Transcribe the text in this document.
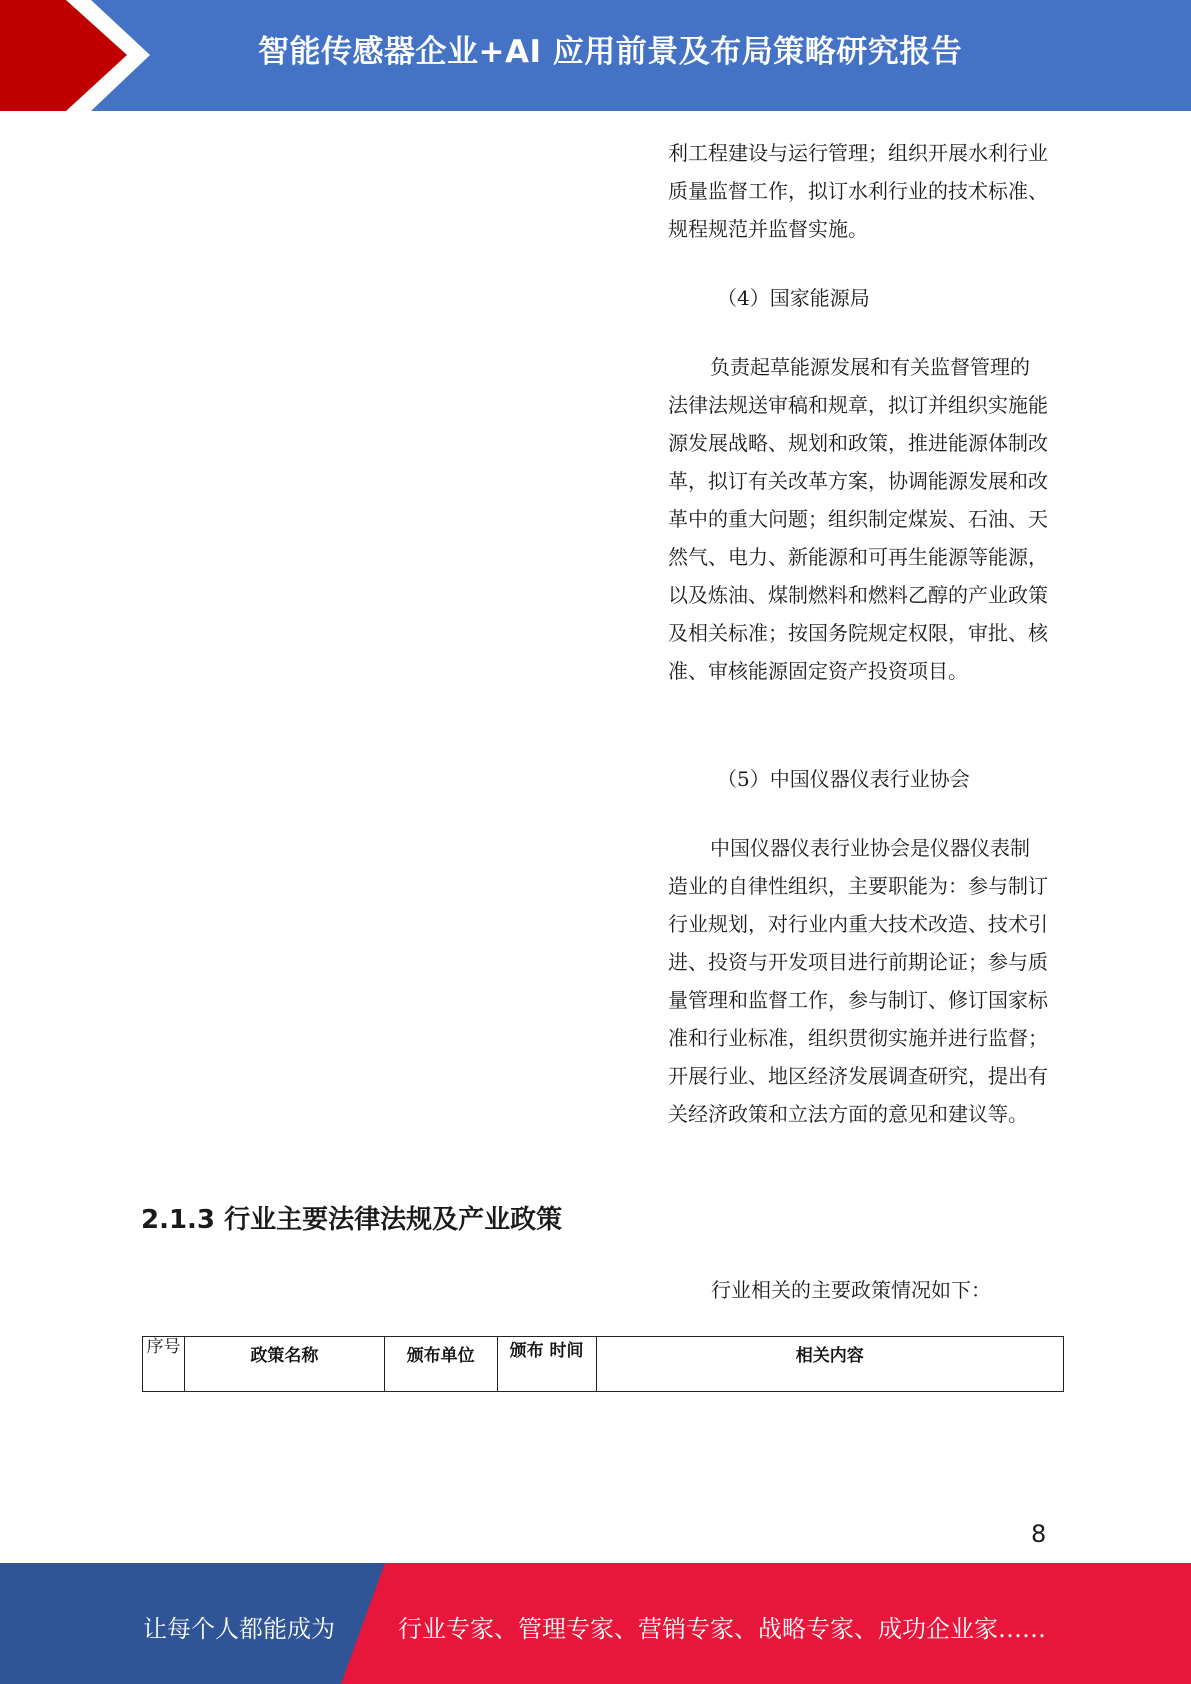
智能传感器企业+AI 应用前景及布局策略研究报告
利工程建设与运行管理；组织开展水利行业质量监督工作，拟订水利行业的技术标准、规程规范并监督实施。
（4）国家能源局
负责起草能源发展和有关监督管理的法律法规送审稿和规章，拟订并组织实施能源发展战略、规划和政策，推进能源体制改革，拟订有关改革方案，协调能源发展和改革中的重大问题；组织制定煤炭、石油、天然气、电力、新能源和可再生能源等能源，以及炼油、煤制燃料和燃料乙醇的产业政策及相关标准；按国务院规定权限，审批、核准、审核能源固定资产投资项目。
（5）中国仪器仪表行业协会
中国仪器仪表行业协会是仪器仪表制造业的自律性组织，主要职能为：参与制订行业规划，对行业内重大技术改造、技术引进、投资与开发项目进行前期论证；参与质量管理和监督工作，参与制订、修订国家标准和行业标准，组织贯彻实施并进行监督；开展行业、地区经济发展调查研究，提出有关经济政策和立法方面的意见和建议等。
2.1.3 行业主要法律法规及产业政策
行业相关的主要政策情况如下：
序号	政策名称	颁布单位	颁布 时间	相关内容
8
让每个人都能成为	行业专家、管理专家、营销专家、战略专家、成功企业家……
